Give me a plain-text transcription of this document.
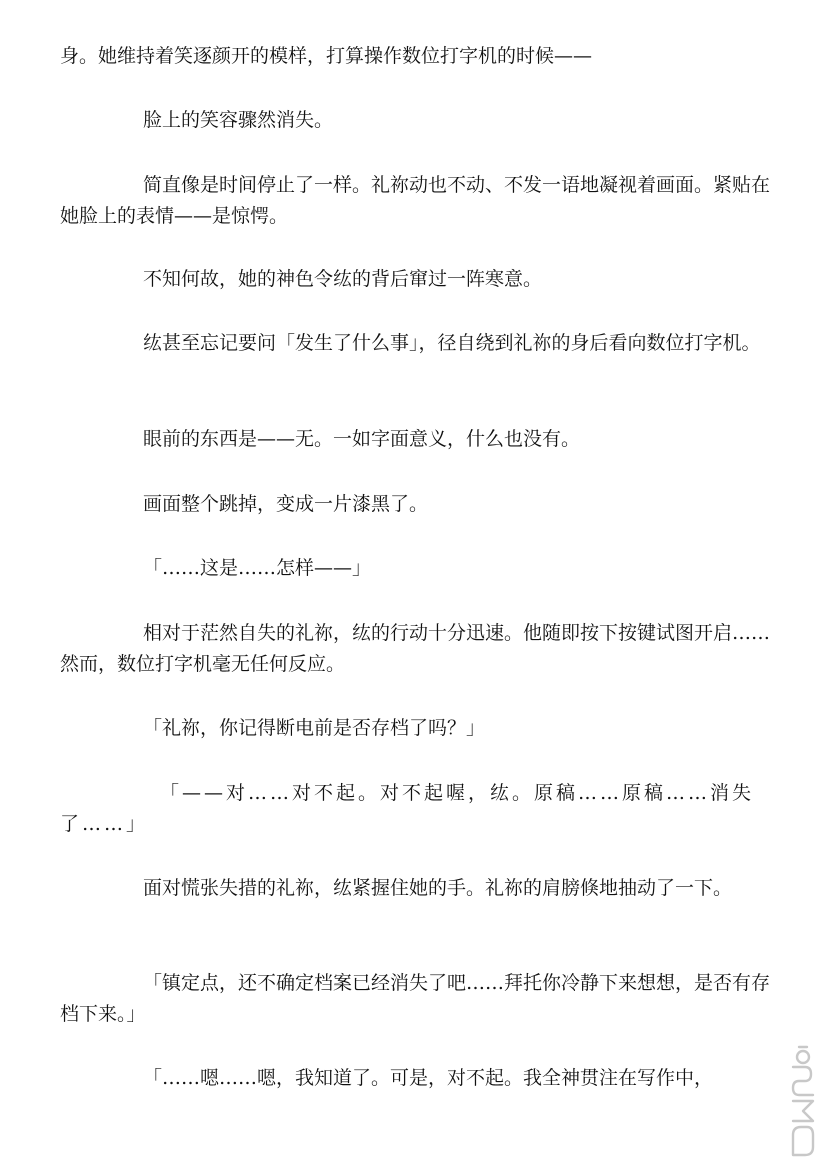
身。她维持着笑逐颜开的模样，打算操作数位打字机的时候——

脸上的笑容骤然消失。

简直像是时间停止了一样。礼祢动也不动、不发一语地凝视着画面。紧贴在她脸上的表情——是惊愕。

不知何故，她的神色令纮的背后窜过一阵寒意。

纮甚至忘记要问「发生了什么事」，径自绕到礼祢的身后看向数位打字机。

眼前的东西是——无。一如字面意义，什么也没有。

画面整个跳掉，变成一片漆黑了。

「……这是……怎样——」

相对于茫然自失的礼祢，纮的行动十分迅速。他随即按下按键试图开启……然而，数位打字机毫无任何反应。

「礼祢，你记得断电前是否存档了吗？」

「——对……对不起。对不起喔，纮。原稿……原稿……消失了……」

面对慌张失措的礼祢，纮紧握住她的手。礼祢的肩膀倏地抽动了一下。

「镇定点，还不确定档案已经消失了吧……拜托你冷静下来想想，是否有存档下来。」

「……嗯……嗯，我知道了。可是，对不起。我全神贯注在写作中，
